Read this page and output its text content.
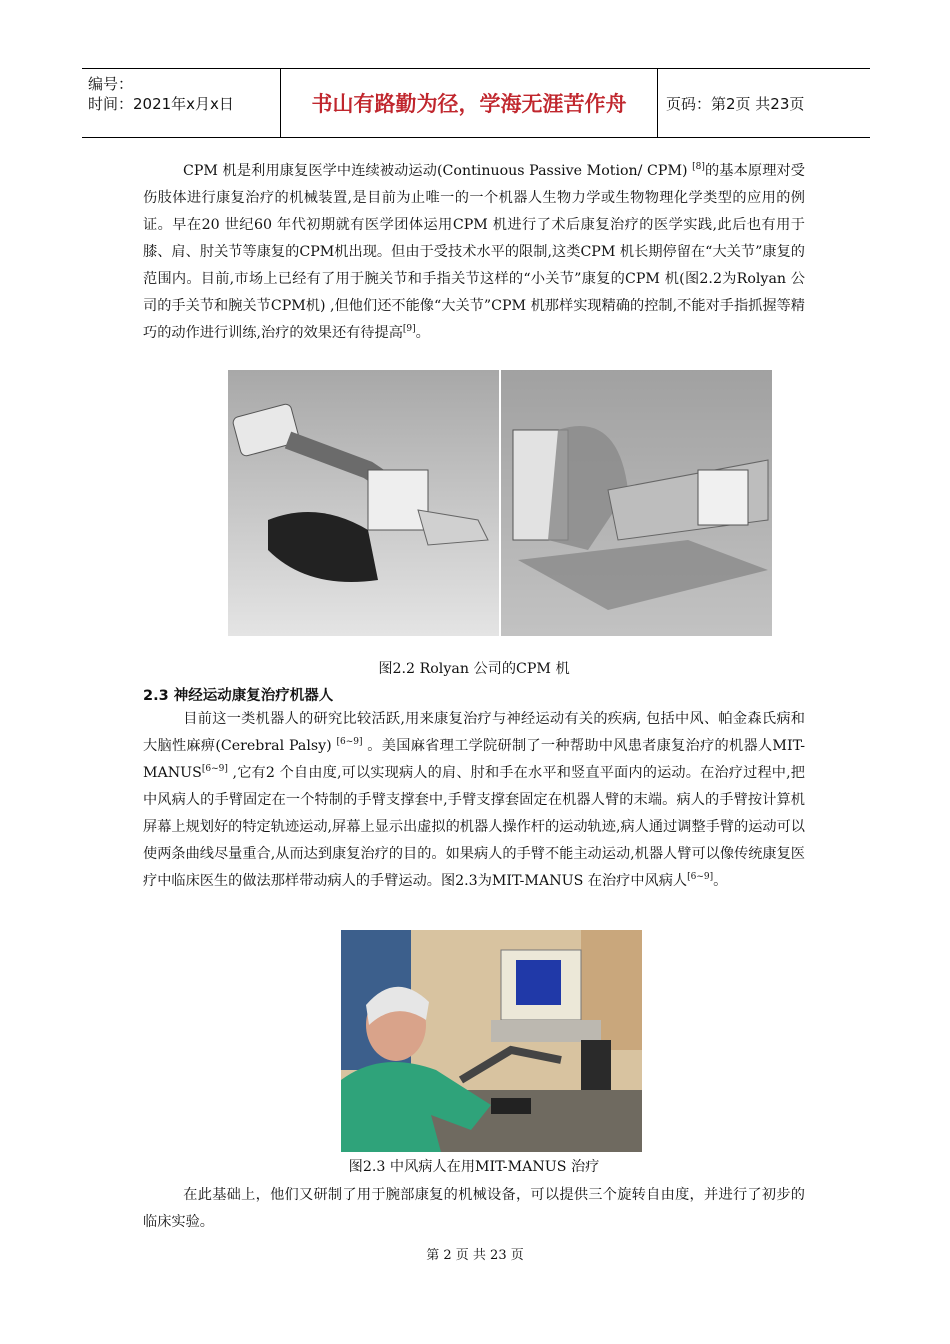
编号：
时间：2021年x月x日	书山有路勤为径，学海无涯苦作舟	页码：第2页 共23页
CPM 机是利用康复医学中连续被动运动(Continuous Passive Motion/ CPM) [8]的基本原理对受伤肢体进行康复治疗的机械装置,是目前为止唯一的一个机器人生物力学或生物物理化学类型的应用的例证。早在20 世纪60 年代初期就有医学团体运用CPM 机进行了术后康复治疗的医学实践,此后也有用于膝、肩、肘关节等康复的CPM机出现。但由于受技术水平的限制,这类CPM 机长期停留在“大关节”康复的范围内。目前,市场上已经有了用于腕关节和手指关节这样的“小关节”康复的CPM 机(图2.2为Rolyan 公司的手关节和腕关节CPM机) ,但他们还不能像“大关节”CPM 机那样实现精确的控制,不能对手指抓握等精巧的动作进行训练,治疗的效果还有待提高[9]。
图2.2 Rolyan 公司的CPM 机
2.3 神经运动康复治疗机器人
目前这一类机器人的研究比较活跃,用来康复治疗与神经运动有关的疾病, 包括中风、帕金森氏病和大脑性麻痹(Cerebral Palsy) [6~9] 。美国麻省理工学院研制了一种帮助中风患者康复治疗的机器人MIT-MANUS[6~9] ,它有2 个自由度,可以实现病人的肩、肘和手在水平和竖直平面内的运动。在治疗过程中,把中风病人的手臂固定在一个特制的手臂支撑套中,手臂支撑套固定在机器人臂的末端。病人的手臂按计算机屏幕上规划好的特定轨迹运动,屏幕上显示出虚拟的机器人操作杆的运动轨迹,病人通过调整手臂的运动可以使两条曲线尽量重合,从而达到康复治疗的目的。如果病人的手臂不能主动运动,机器人臂可以像传统康复医疗中临床医生的做法那样带动病人的手臂运动。图2.3为MIT-MANUS 在治疗中风病人[6~9]。
图2.3 中风病人在用MIT-MANUS 治疗
在此基础上，他们又研制了用于腕部康复的机械设备，可以提供三个旋转自由度，并进行了初步的临床实验。
第 2 页 共 23 页
